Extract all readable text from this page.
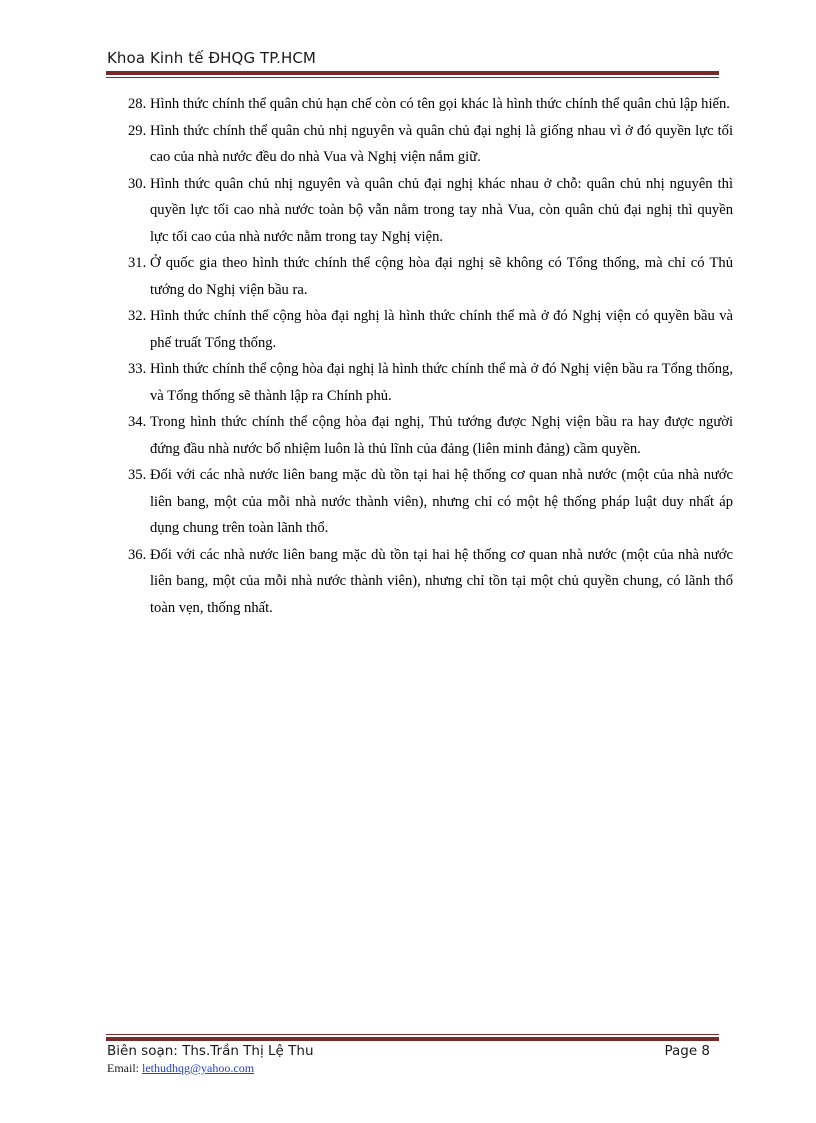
Khoa Kinh tế ĐHQG TP.HCM
28. Hình thức chính thể quân chủ hạn chế còn có tên gọi khác là hình thức chính thể quân chủ lập hiến.
29. Hình thức chính thể quân chủ nhị nguyên và quân chủ đại nghị là giống nhau vì ở đó quyền lực tối cao của nhà nước đều do nhà Vua và Nghị viện nắm giữ.
30. Hình thức quân chủ nhị nguyên và quân chủ đại nghị khác nhau ở chỗ: quân chủ nhị nguyên thì quyền lực tối cao nhà nước toàn bộ vẫn nằm trong tay nhà Vua, còn quân chủ đại nghị thì quyền lực tối cao của nhà nước nằm trong tay Nghị viện.
31. Ở quốc gia theo hình thức chính thể cộng hòa đại nghị sẽ không có Tổng thống, mà chỉ có Thủ tướng do Nghị viện bầu ra.
32. Hình thức chính thể cộng hòa đại nghị là hình thức chính thể mà ở đó Nghị viện có quyền bầu và phế truất Tổng thống.
33. Hình thức chính thể cộng hòa đại nghị là hình thức chính thể mà ở đó Nghị viện bầu ra Tổng thống, và Tổng thống sẽ thành lập ra Chính phủ.
34. Trong hình thức chính thể cộng hòa đại nghị, Thủ tướng được Nghị viện bầu ra hay được người đứng đầu nhà nước bổ nhiệm luôn là thủ lĩnh của đảng (liên minh đảng) cầm quyền.
35. Đối với các nhà nước liên bang mặc dù tồn tại hai hệ thống cơ quan nhà nước (một của nhà nước liên bang, một của mỗi nhà nước thành viên), nhưng chỉ có một hệ thống pháp luật duy nhất áp dụng chung trên toàn lãnh thổ.
36. Đối với các nhà nước liên bang mặc dù tồn tại hai hệ thống cơ quan nhà nước (một của nhà nước liên bang, một của mỗi nhà nước thành viên), nhưng chỉ tồn tại một chủ quyền chung, có lãnh thổ toàn vẹn, thống nhất.
Biên soạn: Ths.Trần Thị Lệ Thu	Page 8
Email: lethudhqg@yahoo.com
